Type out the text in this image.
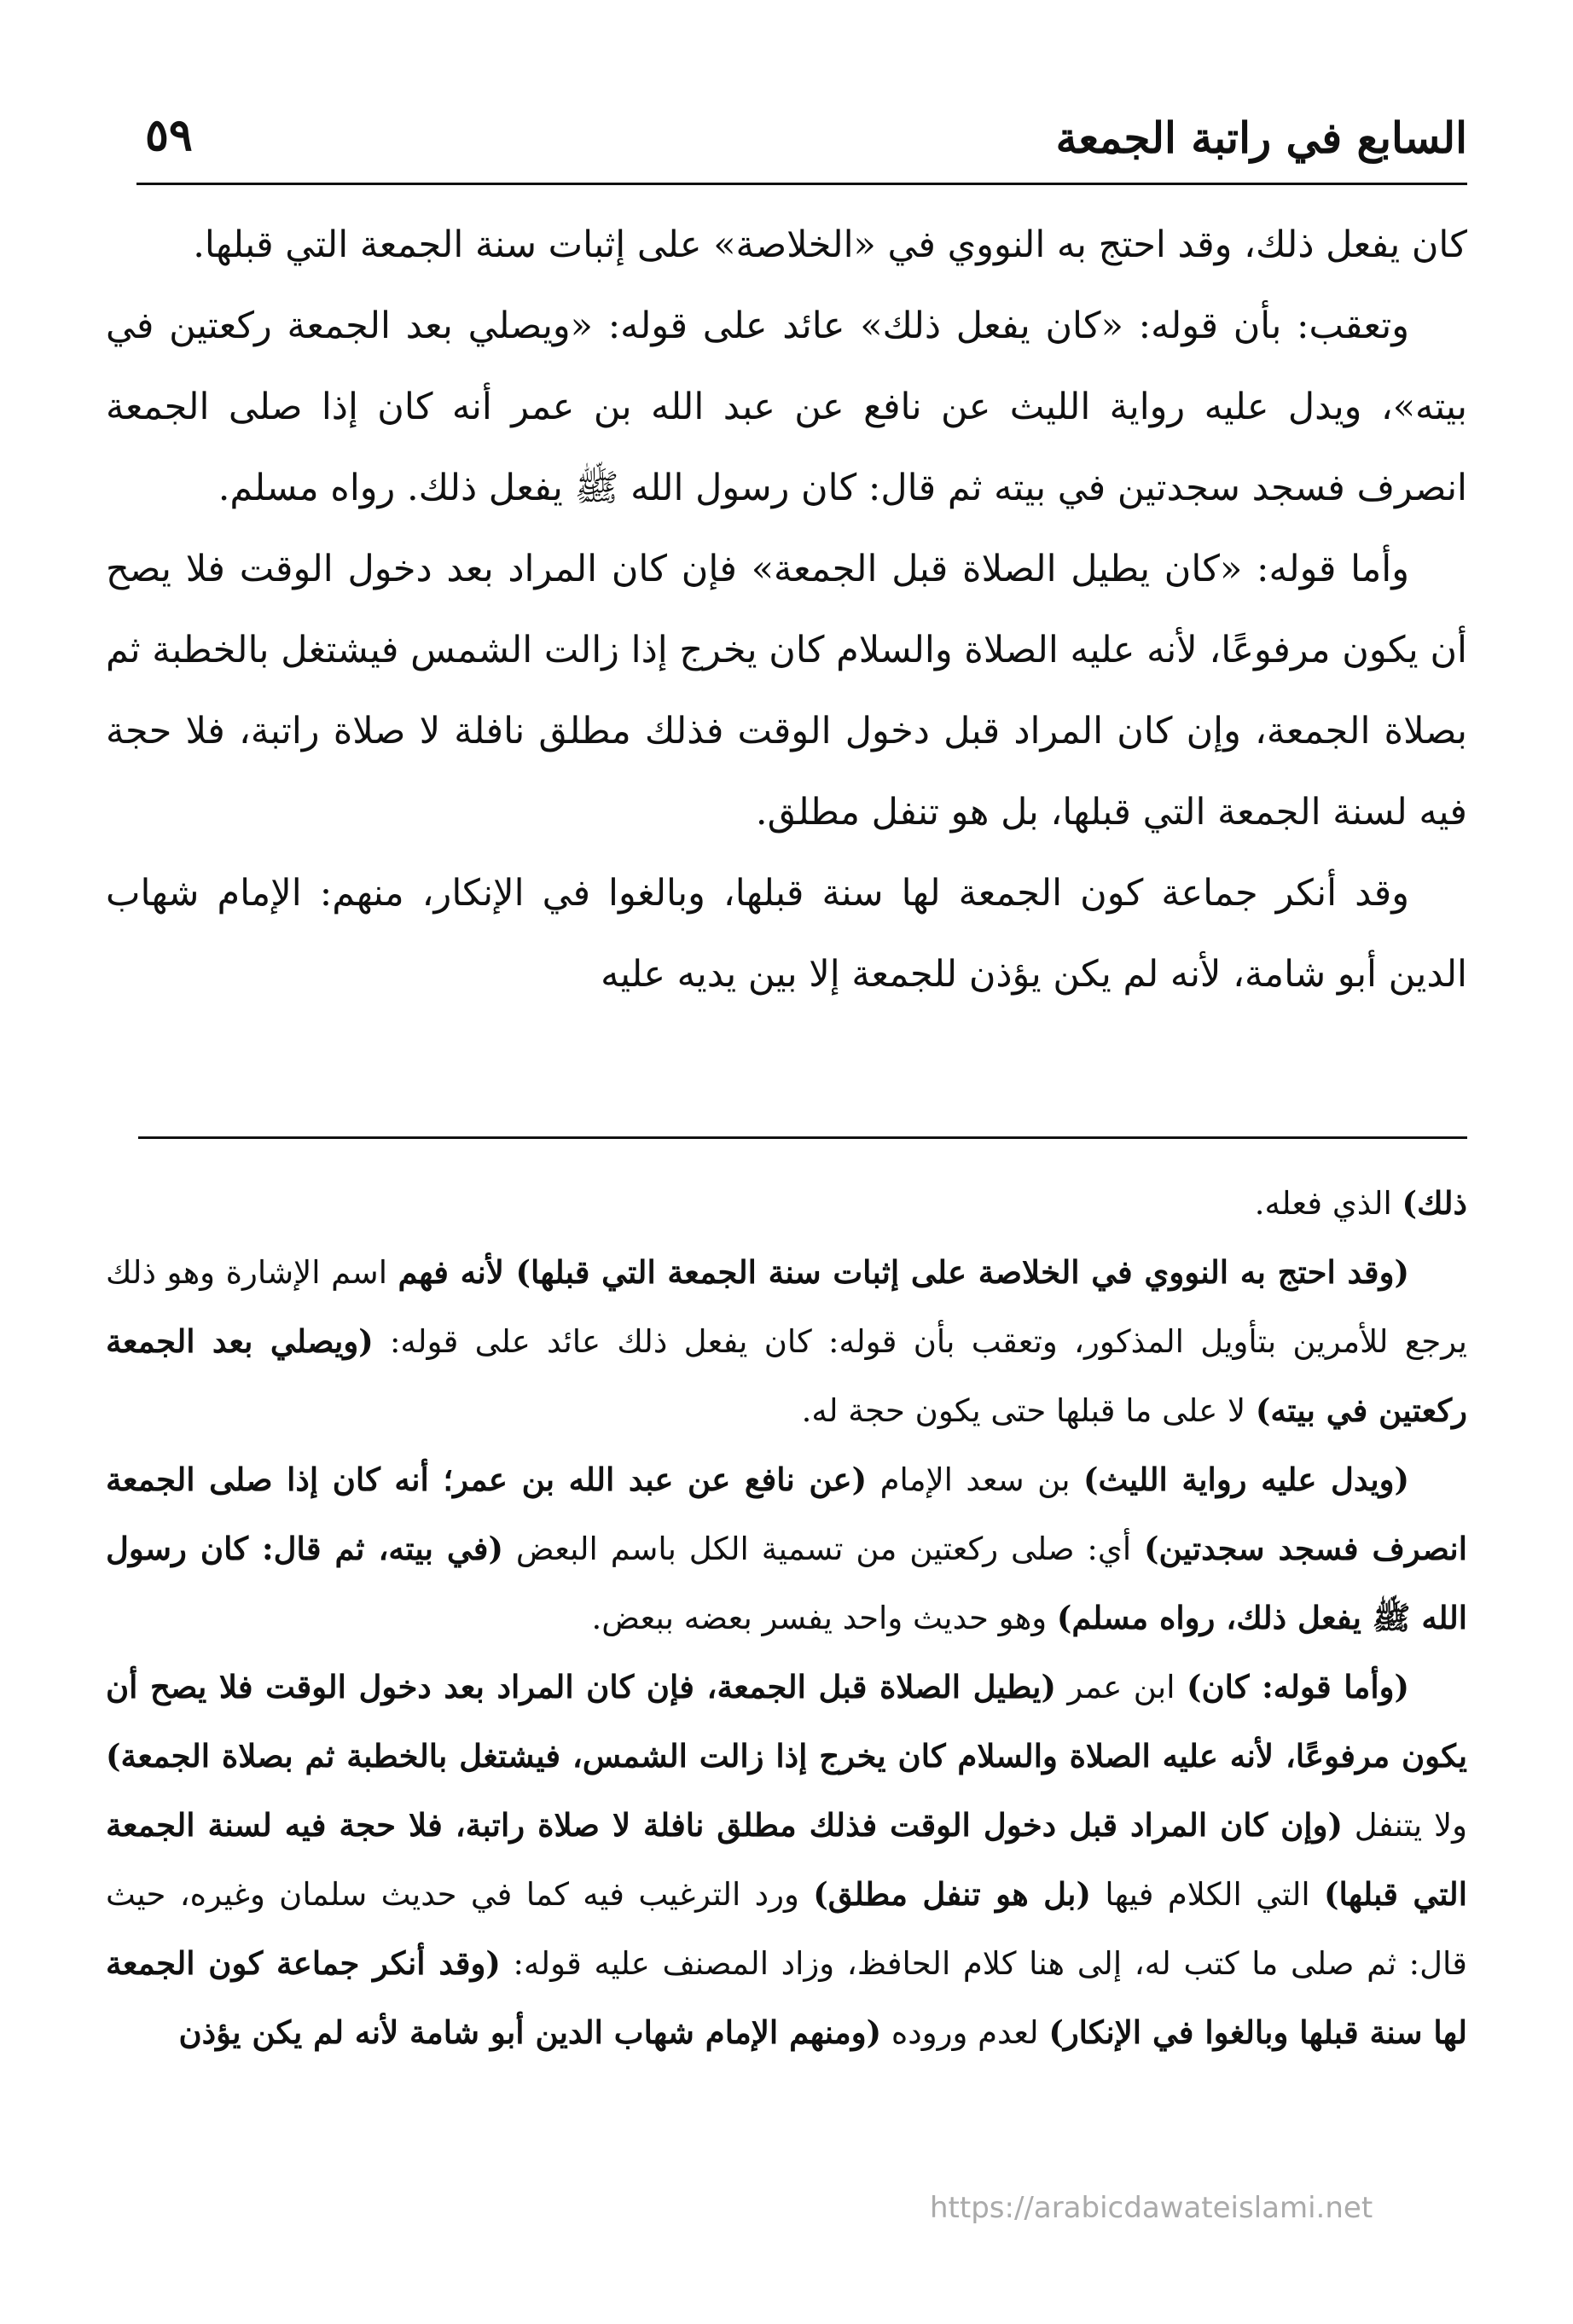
السابع في راتبة الجمعة
٥٩

كان يفعل ذلك، وقد احتج به النووي في «الخلاصة» على إثبات سنة الجمعة التي قبلها.

وتعقب: بأن قوله: «كان يفعل ذلك» عائد على قوله: «ويصلي بعد الجمعة ركعتين في بيته»، ويدل عليه رواية الليث عن نافع عن عبد الله بن عمر أنه كان إذا صلى الجمعة انصرف فسجد سجدتين في بيته ثم قال: كان رسول الله ﷺ يفعل ذلك. رواه مسلم.

وأما قوله: «كان يطيل الصلاة قبل الجمعة» فإن كان المراد بعد دخول الوقت فلا يصح أن يكون مرفوعًا، لأنه عليه الصلاة والسلام كان يخرج إذا زالت الشمس فيشتغل بالخطبة ثم بصلاة الجمعة، وإن كان المراد قبل دخول الوقت فذلك مطلق نافلة لا صلاة راتبة، فلا حجة فيه لسنة الجمعة التي قبلها، بل هو تنفل مطلق.

وقد أنكر جماعة كون الجمعة لها سنة قبلها، وبالغوا في الإنكار، منهم: الإمام شهاب الدين أبو شامة، لأنه لم يكن يؤذن للجمعة إلا بين يديه عليه

ذلك) الذي فعله.

(وقد احتج به النووي في الخلاصة على إثبات سنة الجمعة التي قبلها) لأنه فهم اسم الإشارة وهو ذلك يرجع للأمرين بتأويل المذكور، وتعقب بأن قوله: كان يفعل ذلك عائد على قوله: (ويصلي بعد الجمعة ركعتين في بيته) لا على ما قبلها حتى يكون حجة له.

(ويدل عليه رواية الليث) بن سعد الإمام (عن نافع عن عبد الله بن عمر؛ أنه كان إذا صلى الجمعة انصرف فسجد سجدتين) أي: صلى ركعتين من تسمية الكل باسم البعض (في بيته، ثم قال: كان رسول الله ﷺ يفعل ذلك، رواه مسلم) وهو حديث واحد يفسر بعضه ببعض.

(وأما قوله: كان) ابن عمر (يطيل الصلاة قبل الجمعة، فإن كان المراد بعد دخول الوقت فلا يصح أن يكون مرفوعًا، لأنه عليه الصلاة والسلام كان يخرج إذا زالت الشمس، فيشتغل بالخطبة ثم بصلاة الجمعة) ولا يتنفل (وإن كان المراد قبل دخول الوقت فذلك مطلق نافلة لا صلاة راتبة، فلا حجة فيه لسنة الجمعة التي قبلها) التي الكلام فيها (بل هو تنفل مطلق) ورد الترغيب فيه كما في حديث سلمان وغيره، حيث قال: ثم صلى ما كتب له، إلى هنا كلام الحافظ، وزاد المصنف عليه قوله: (وقد أنكر جماعة كون الجمعة لها سنة قبلها وبالغوا في الإنكار) لعدم وروده (ومنهم الإمام شهاب الدين أبو شامة لأنه لم يكن يؤذن

https://arabicdawateislami.net
